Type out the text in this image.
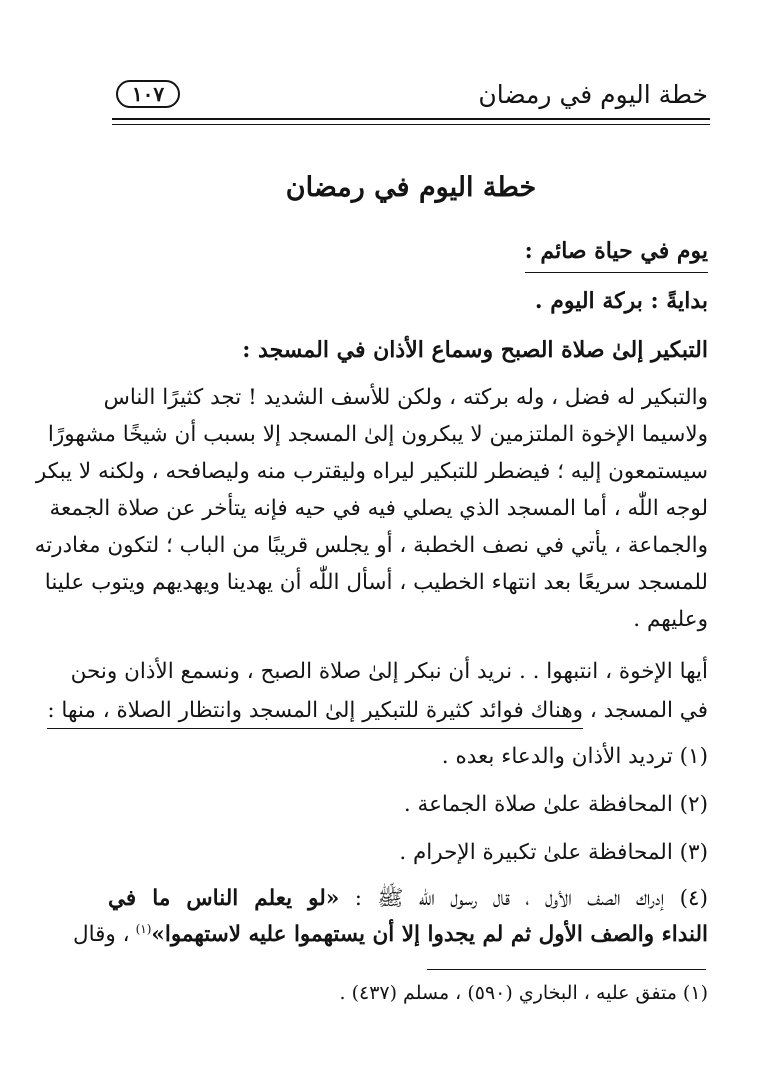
خطة اليوم في رمضان
١٠٧
خطة اليوم في رمضان
يوم في حياة صائم :
بدايةً : بركة اليوم .
التبكير إلىٰ صلاة الصبح وسماع الأذان في المسجد :
والتبكير له فضل ، وله بركته ، ولكن للأسف الشديد ! تجد كثيرًا الناس
ولاسيما الإخوة الملتزمين لا يبكرون إلىٰ المسجد إلا بسبب أن شيخًا مشهورًا
سيستمعون إليه ؛ فيضطر للتبكير ليراه وليقترب منه وليصافحه ، ولكنه لا يبكر
لوجه اللّٰه ، أما المسجد الذي يصلي فيه في حيه فإنه يتأخر عن صلاة الجمعة
والجماعة ، يأتي في نصف الخطبة ، أو يجلس قريبًا من الباب ؛ لتكون مغادرته
للمسجد سريعًا بعد انتهاء الخطيب ، أسأل اللّٰه أن يهدينا ويهديهم ويتوب علينا
وعليهم .
أيها الإخوة ، انتبهوا . . نريد أن نبكر إلىٰ صلاة الصبح ، ونسمع الأذان ونحن
في المسجد ، وهناك فوائد كثيرة للتبكير إلىٰ المسجد وانتظار الصلاة ، منها :
(١) ترديد الأذان والدعاء بعده .
(٢) المحافظة علىٰ صلاة الجماعة .
(٣) المحافظة علىٰ تكبيرة الإحرام .
(٤) إدراك الصف الأول ، قال رسول اللّٰه ﷺ : «لو يعلم الناس ما في
النداء والصف الأول ثم لم يجدوا إلا أن يستهموا عليه لاستهموا»$^{(١)}$، وقال
(١) متفق عليه ، البخاري (٥٩٠) ، مسلم (٤٣٧) .
